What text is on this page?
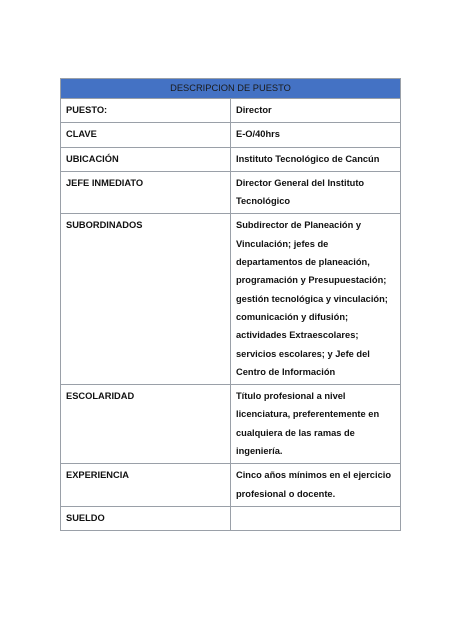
DESCRIPCION DE PUESTO	
PUESTO:	Director
CLAVE	E-O/40hrs
UBICACIÓN	Instituto Tecnológico de Cancún
JEFE INMEDIATO	Director General del Instituto Tecnológico
SUBORDINADOS	Subdirector de Planeación y Vinculación; jefes de departamentos de planeación, programación y Presupuestación; gestión tecnológica y vinculación; comunicación y difusión; actividades Extraescolares; servicios escolares; y Jefe del Centro de Información
ESCOLARIDAD	Título profesional a nivel licenciatura, preferentemente en cualquiera de las ramas de ingeniería.
EXPERIENCIA	Cinco años mínimos en el ejercicio profesional o docente.
SUELDO	
